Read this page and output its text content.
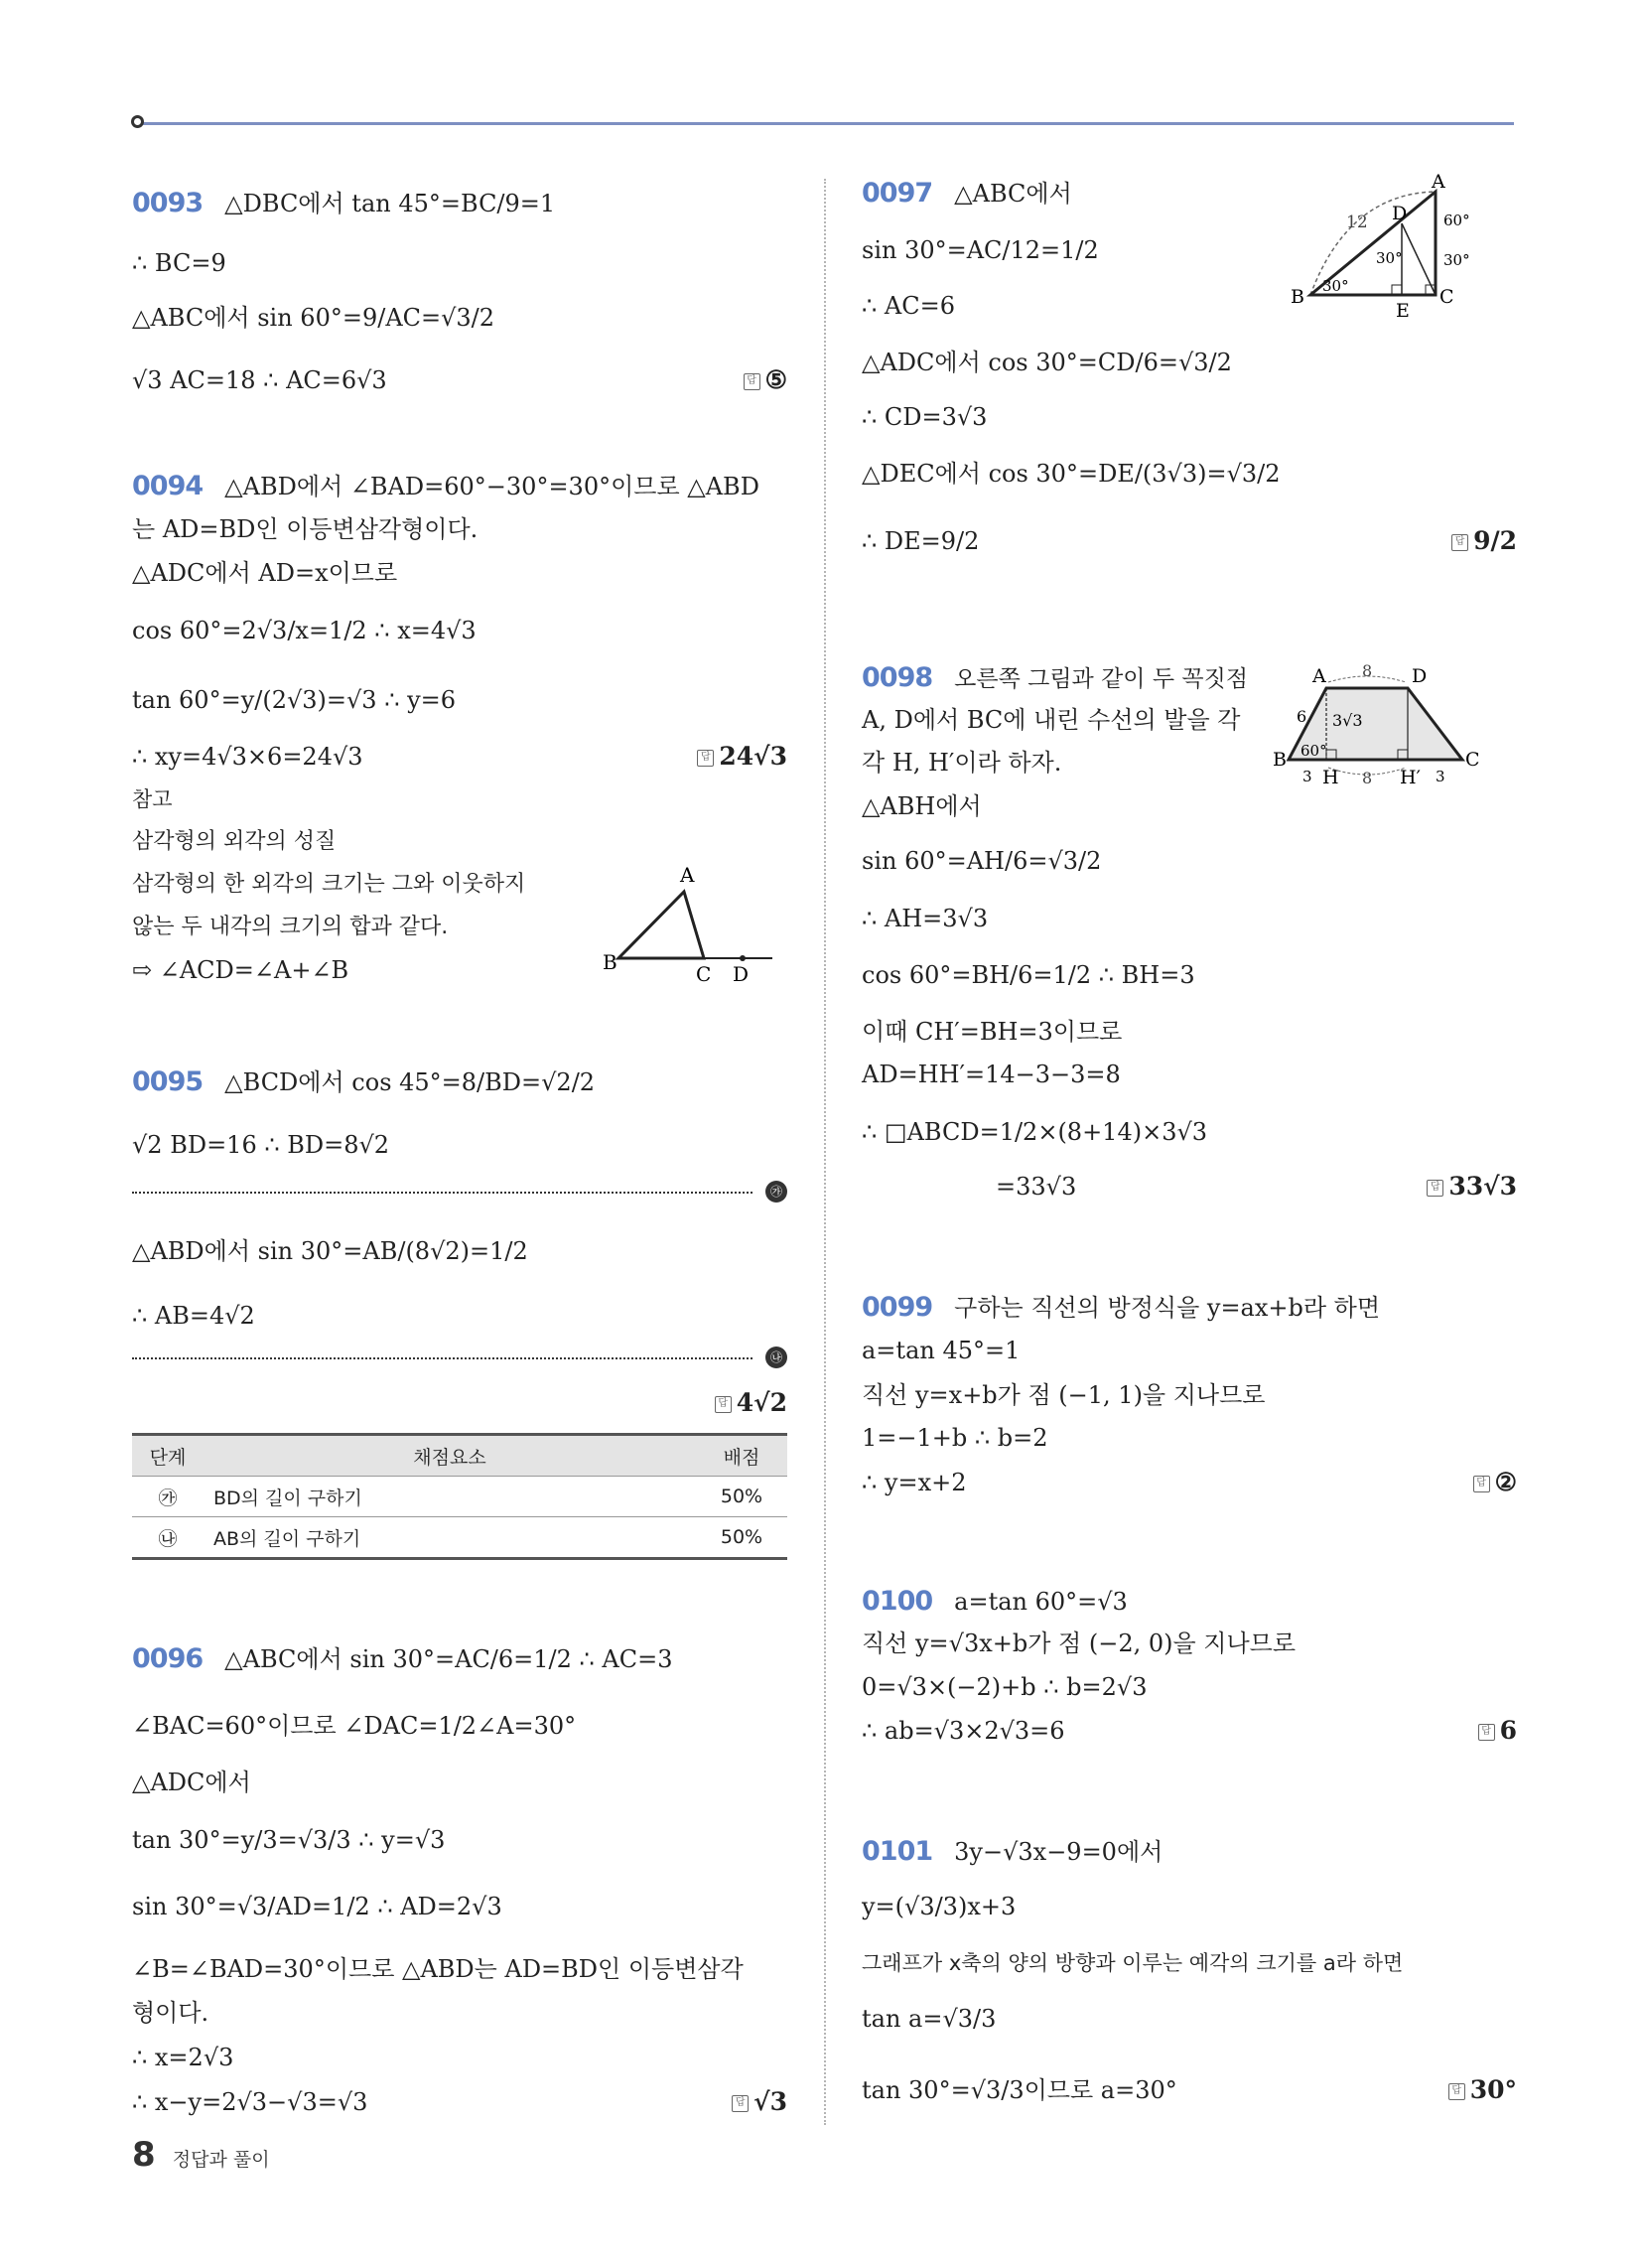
0093 △DBC에서 tan 45°=BC/9=1
∴ BC=9
△ABC에서 sin 60°=9/AC=√3/2
√3 AC=18 ∴ AC=6√3	답 ⑤
0094 △ABD에서 ∠BAD=60°−30°=30°이므로 △ABD
는 AD=BD인 이등변삼각형이다.
△ADC에서 AD=x이므로
cos 60°=2√3/x=1/2 ∴ x=4√3
tan 60°=y/(2√3)=√3 ∴ y=6
∴ xy=4√3×6=24√3	답 24√3
참고
삼각형의 외각의 성질
삼각형의 한 외각의 크기는 그와 이웃하지
않는 두 내각의 크기의 합과 같다.
⇨ ∠ACD=∠A+∠B
A
B	C D
0095 △BCD에서 cos 45°=8/BD=√2/2
√2 BD=16 ∴ BD=8√2
㉮
△ABD에서 sin 30°=AB/(8√2)=1/2
∴ AB=4√2
㉯
답 4√2
단계	채점요소	배점
㉮	BD의 길이 구하기	50%
㉯	AB의 길이 구하기	50%
0096 △ABC에서 sin 30°=AC/6=1/2 ∴ AC=3
∠BAC=60°이므로 ∠DAC=1/2∠A=30°
△ADC에서
tan 30°=y/3=√3/3 ∴ y=√3
sin 30°=√3/AD=1/2 ∴ AD=2√3
∠B=∠BAD=30°이므로 △ABD는 AD=BD인 이등변삼각
형이다.
∴ x=2√3
∴ x−y=2√3−√3=√3	답 √3
0097 △ABC에서
sin 30°=AC/12=1/2
∴ AC=6
△ADC에서 cos 30°=CD/6=√3/2
∴ CD=3√3
△DEC에서 cos 30°=DE/(3√3)=√3/2
∴ DE=9/2	답 9/2
A
B	C
D
E
12
30°
30°
60°
30°
0098 오른쪽 그림과 같이 두 꼭짓점
A, D에서 BC에 내린 수선의 발을 각
각 H, H′이라 하자.
△ABH에서
sin 60°=AH/6=√3/2
∴ AH=3√3
cos 60°=BH/6=1/2 ∴ BH=3
이때 CH′=BH=3이므로
AD=HH′=14−3−3=8
∴ □ABCD=1/2×(8+14)×3√3
=33√3	답 33√3
A	D
B	C
H	H′
8
8
6 3√3
3	3
60°
0099 구하는 직선의 방정식을 y=ax+b라 하면
a=tan 45°=1
직선 y=x+b가 점 (−1, 1)을 지나므로
1=−1+b ∴ b=2
∴ y=x+2	답 ②
0100 a=tan 60°=√3
직선 y=√3x+b가 점 (−2, 0)을 지나므로
0=√3×(−2)+b ∴ b=2√3
∴ ab=√3×2√3=6	답 6
0101 3y−√3x−9=0에서
y=(√3/3)x+3
그래프가 x축의 양의 방향과 이루는 예각의 크기를 a라 하면
tan a=√3/3
tan 30°=√3/3이므로 a=30°	답 30°
8 정답과 풀이
